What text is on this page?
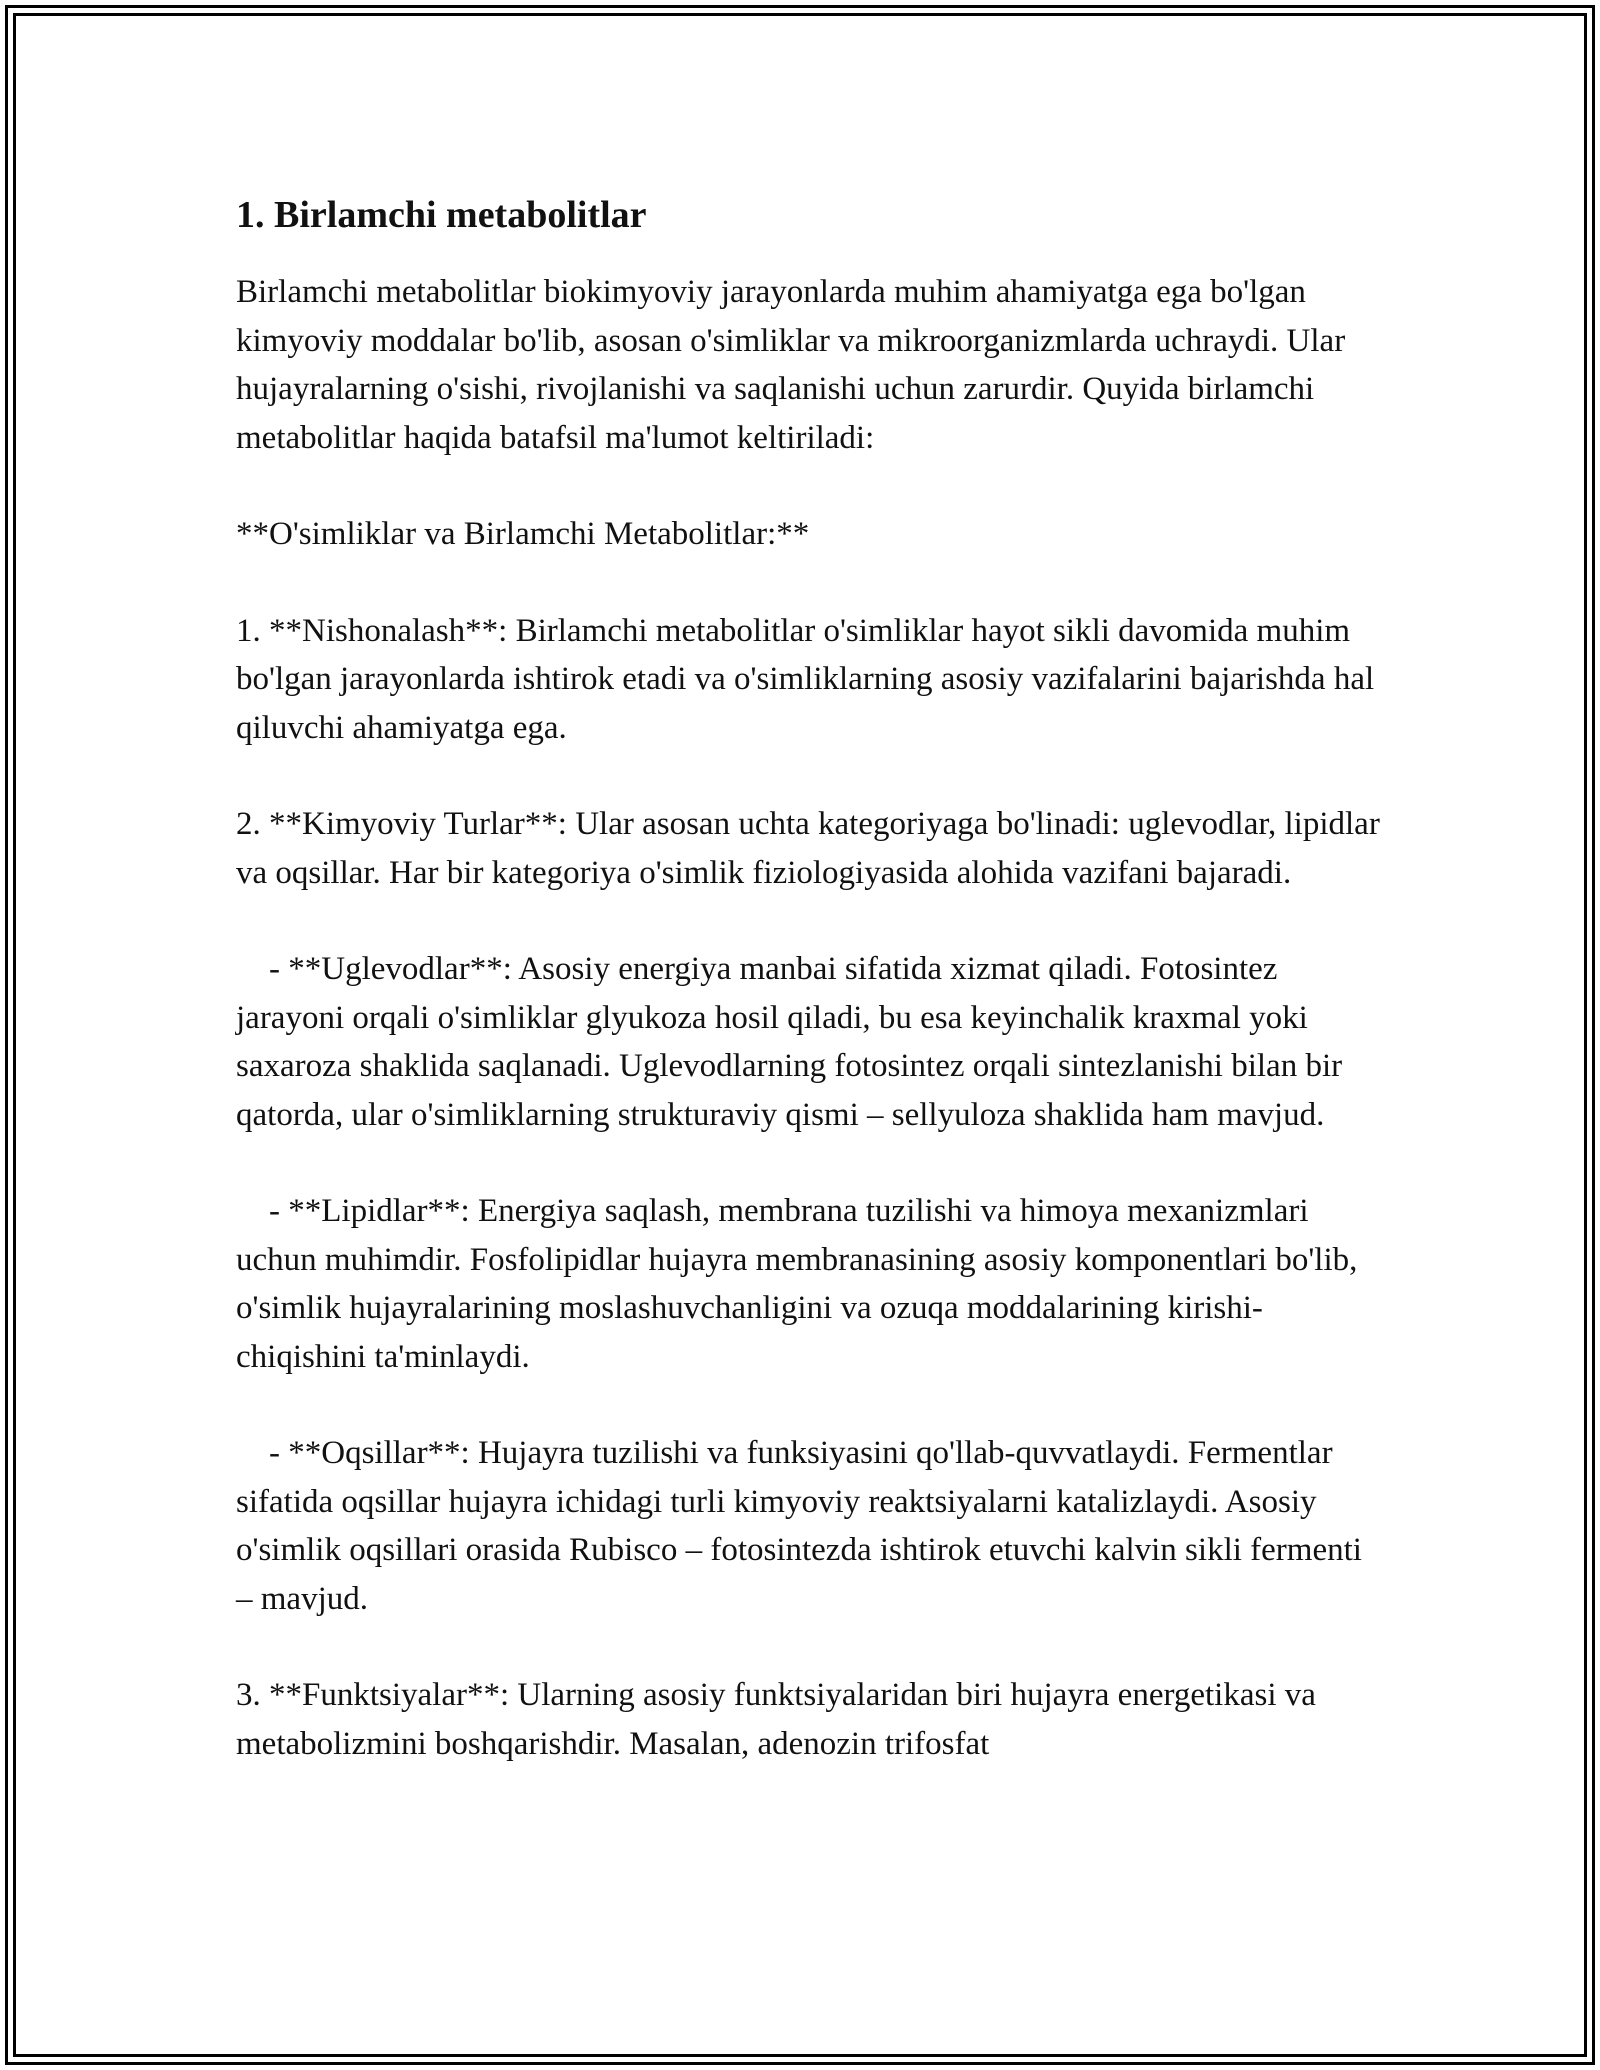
1. Birlamchi metabolitlar

Birlamchi metabolitlar biokimyoviy jarayonlarda muhim ahamiyatga ega bo'lgan kimyoviy moddalar bo'lib, asosan o'simliklar va mikroorganizmlarda uchraydi. Ular hujayralarning o'sishi, rivojlanishi va saqlanishi uchun zarurdir. Quyida birlamchi metabolitlar haqida batafsil ma'lumot keltiriladi:

**O'simliklar va Birlamchi Metabolitlar:**

1. **Nishonalash**: Birlamchi metabolitlar o'simliklar hayot sikli davomida muhim bo'lgan jarayonlarda ishtirok etadi va o'simliklarning asosiy vazifalarini bajarishda hal qiluvchi ahamiyatga ega.

2. **Kimyoviy Turlar**: Ular asosan uchta kategoriyaga bo'linadi: uglevodlar, lipidlar va oqsillar. Har bir kategoriya o'simlik fiziologiyasida alohida vazifani bajaradi.

- **Uglevodlar**: Asosiy energiya manbai sifatida xizmat qiladi. Fotosintez jarayoni orqali o'simliklar glyukoza hosil qiladi, bu esa keyinchalik kraxmal yoki saxaroza shaklida saqlanadi. Uglevodlarning fotosintez orqali sintezlanishi bilan bir qatorda, ular o'simliklarning strukturaviy qismi – sellyuloza shaklida ham mavjud.

- **Lipidlar**: Energiya saqlash, membrana tuzilishi va himoya mexanizmlari uchun muhimdir. Fosfolipidlar hujayra membranasining asosiy komponentlari bo'lib, o'simlik hujayralarining moslashuvchanligini va ozuqa moddalarining kirishi-chiqishini ta'minlaydi.

- **Oqsillar**: Hujayra tuzilishi va funksiyasini qo'llab-quvvatlaydi. Fermentlar sifatida oqsillar hujayra ichidagi turli kimyoviy reaktsiyalarni katalizlaydi. Asosiy o'simlik oqsillari orasida Rubisco – fotosintezda ishtirok etuvchi kalvin sikli fermenti – mavjud.

3. **Funktsiyalar**: Ularning asosiy funktsiyalaridan biri hujayra energetikasi va metabolizmini boshqarishdir. Masalan, adenozin trifosfat
